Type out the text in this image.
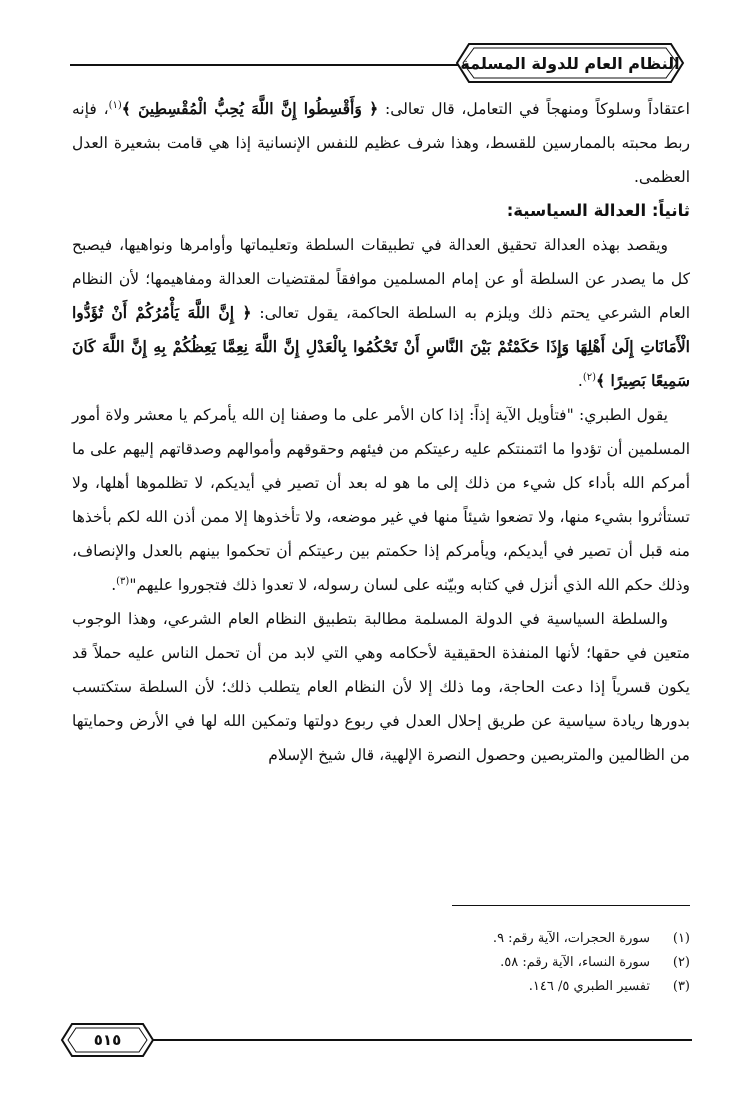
النظام العام للدولة المسلمة

اعتقاداً وسلوكاً ومنهجاً في التعامل، قال تعالى: ﴿ وَأَقْسِطُوا إِنَّ اللَّهَ يُحِبُّ الْمُقْسِطِينَ ﴾$^{(١)}$، فإنه ربط محبته بالممارسين للقسط، وهذا شرف عظيم للنفس الإنسانية إذا هي قامت بشعيرة العدل العظمى.

ثانياً: العدالة السياسية:

ويقصد بهذه العدالة تحقيق العدالة في تطبيقات السلطة وتعليماتها وأوامرها ونواهيها، فيصبح كل ما يصدر عن السلطة أو عن إمام المسلمين موافقاً لمقتضيات العدالة ومفاهيمها؛ لأن النظام العام الشرعي يحتم ذلك ويلزم به السلطة الحاكمة، يقول تعالى: ﴿ إِنَّ اللَّهَ يَأْمُرُكُمْ أَنْ تُؤَدُّوا الْأَمَانَاتِ إِلَىٰ أَهْلِهَا وَإِذَا حَكَمْتُمْ بَيْنَ النَّاسِ أَنْ تَحْكُمُوا بِالْعَدْلِ إِنَّ اللَّهَ نِعِمَّا يَعِظُكُمْ بِهِ إِنَّ اللَّهَ كَانَ سَمِيعًا بَصِيرًا ﴾$^{(٢)}$.

يقول الطبري: "فتأويل الآية إذاً: إذا كان الأمر على ما وصفنا إن الله يأمركم يا معشر ولاة أمور المسلمين أن تؤدوا ما ائتمنتكم عليه رعيتكم من فيئهم وحقوقهم وأموالهم وصدقاتهم إليهم على ما أمركم الله بأداء كل شيء من ذلك إلى ما هو له بعد أن تصير في أيديكم، لا تظلموها أهلها، ولا تستأثروا بشيء منها، ولا تضعوا شيئاً منها في غير موضعه، ولا تأخذوها إلا ممن أذن الله لكم بأخذها منه قبل أن تصير في أيديكم، ويأمركم إذا حكمتم بين رعيتكم أن تحكموا بينهم بالعدل والإنصاف، وذلك حكم الله الذي أنزل في كتابه وبيّنه على لسان رسوله، لا تعدوا ذلك فتجوروا عليهم"$^{(٣)}$.

والسلطة السياسية في الدولة المسلمة مطالبة بتطبيق النظام العام الشرعي، وهذا الوجوب متعين في حقها؛ لأنها المنفذة الحقيقية لأحكامه وهي التي لابد من أن تحمل الناس عليه حملاً قد يكون قسرياً إذا دعت الحاجة، وما ذلك إلا لأن النظام العام يتطلب ذلك؛ لأن السلطة ستكتسب بدورها ريادة سياسية عن طريق إحلال العدل في ربوع دولتها وتمكين الله لها في الأرض وحمايتها من الظالمين والمتربصين وحصول النصرة الإلهية، قال شيخ الإسلام

(١)سورة الحجرات، الآية رقم: ٩.
(٢)سورة النساء، الآية رقم: ٥٨.
(٣)تفسير الطبري ٥/ ١٤٦.
٥١٥
